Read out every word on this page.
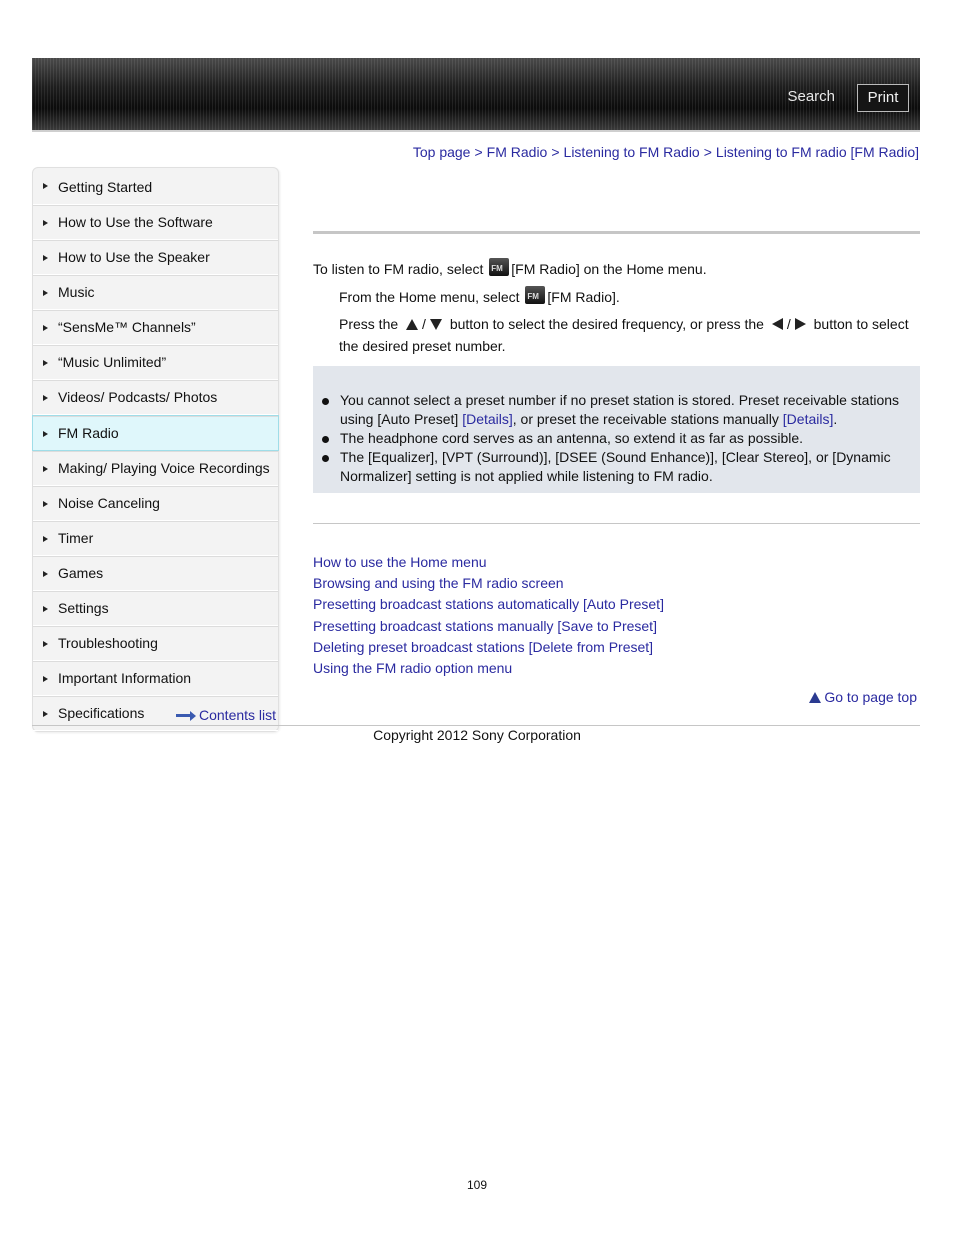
Search	Print
Top page > FM Radio > Listening to FM Radio > Listening to FM radio [FM Radio]
Getting Started
How to Use the Software
How to Use the Speaker
Music
“SensMe™ Channels”
“Music Unlimited”
Videos/ Podcasts/ Photos
FM Radio
Making/ Playing Voice Recordings
Noise Canceling
Timer
Games
Settings
Troubleshooting
Important Information
Specifications	Contents list
To listen to FM radio, select FM [FM Radio] on the Home menu.
From the Home menu, select FM [FM Radio].
Press the / button to select the desired frequency, or press the / button to select the desired preset number.
You cannot select a preset number if no preset station is stored. Preset receivable stations using [Auto Preset] [Details], or preset the receivable stations manually [Details].
The headphone cord serves as an antenna, so extend it as far as possible.
The [Equalizer], [VPT (Surround)], [DSEE (Sound Enhance)], [Clear Stereo], or [Dynamic Normalizer] setting is not applied while listening to FM radio.
How to use the Home menu
Browsing and using the FM radio screen
Presetting broadcast stations automatically [Auto Preset]
Presetting broadcast stations manually [Save to Preset]
Deleting preset broadcast stations [Delete from Preset]
Using the FM radio option menu
Go to page top
Copyright 2012 Sony Corporation
109
